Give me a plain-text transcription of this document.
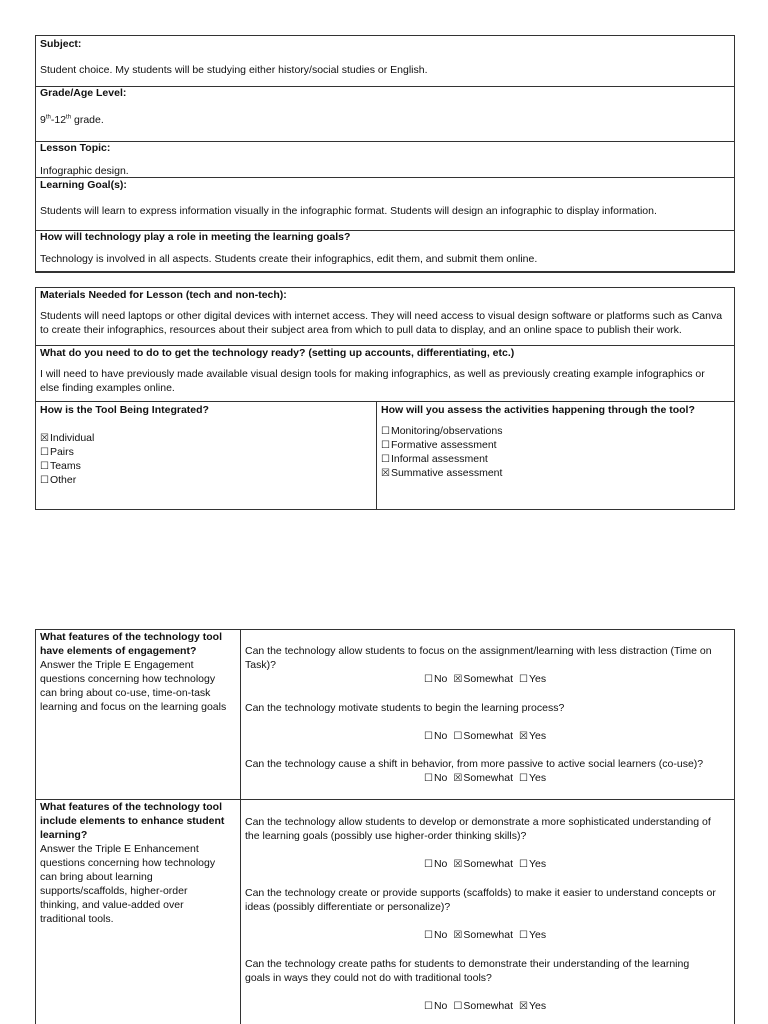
Subject:
Student choice. My students will be studying either history/social studies or English.
Grade/Age Level:
9th-12th grade.
Lesson Topic:
Infographic design.
Learning Goal(s):
Students will learn to express information visually in the infographic format. Students will design an infographic to display information.
How will technology play a role in meeting the learning goals?
Technology is involved in all aspects. Students create their infographics, edit them, and submit them online.
Materials Needed for Lesson (tech and non-tech):
Students will need laptops or other digital devices with internet access. They will need access to visual design software or platforms such as Canva
to create their infographics, resources about their subject area from which to pull data to display, and an online space to publish their work.
What do you need to do to get the technology ready? (setting up accounts, differentiating, etc.)
I will need to have previously made available visual design tools for making infographics, as well as previously creating example infographics or
else finding examples online.
How is the Tool Being Integrated?
☒Individual
☐Pairs
☐Teams
☐Other
How will you assess the activities happening through the tool?
☐Monitoring/observations
☐Formative assessment
☐Informal assessment
☒Summative assessment
What features of the technology tool
have elements of engagement?
Answer the Triple E Engagement
questions concerning how technology
can bring about co-use, time-on-task
learning and focus on the learning goals
Can the technology allow students to focus on the assignment/learning with less distraction (Time on
Task)?
☐No ☒Somewhat ☐Yes
Can the technology motivate students to begin the learning process?
☐No ☐Somewhat ☒Yes
Can the technology cause a shift in behavior, from more passive to active social learners (co-use)?
☐No ☒Somewhat ☐Yes
What features of the technology tool
include elements to enhance student
learning?
Answer the Triple E Enhancement
questions concerning how technology
can bring about learning
supports/scaffolds, higher-order
thinking, and value-added over
traditional tools.
Can the technology allow students to develop or demonstrate a more sophisticated understanding of
the learning goals (possibly use higher-order thinking skills)?
☐No ☒Somewhat ☐Yes
Can the technology create or provide supports (scaffolds) to make it easier to understand concepts or
ideas (possibly differentiate or personalize)?
☐No ☒Somewhat ☐Yes
Can the technology create paths for students to demonstrate their understanding of the learning
goals in ways they could not do with traditional tools?
☐No ☐Somewhat ☒Yes
